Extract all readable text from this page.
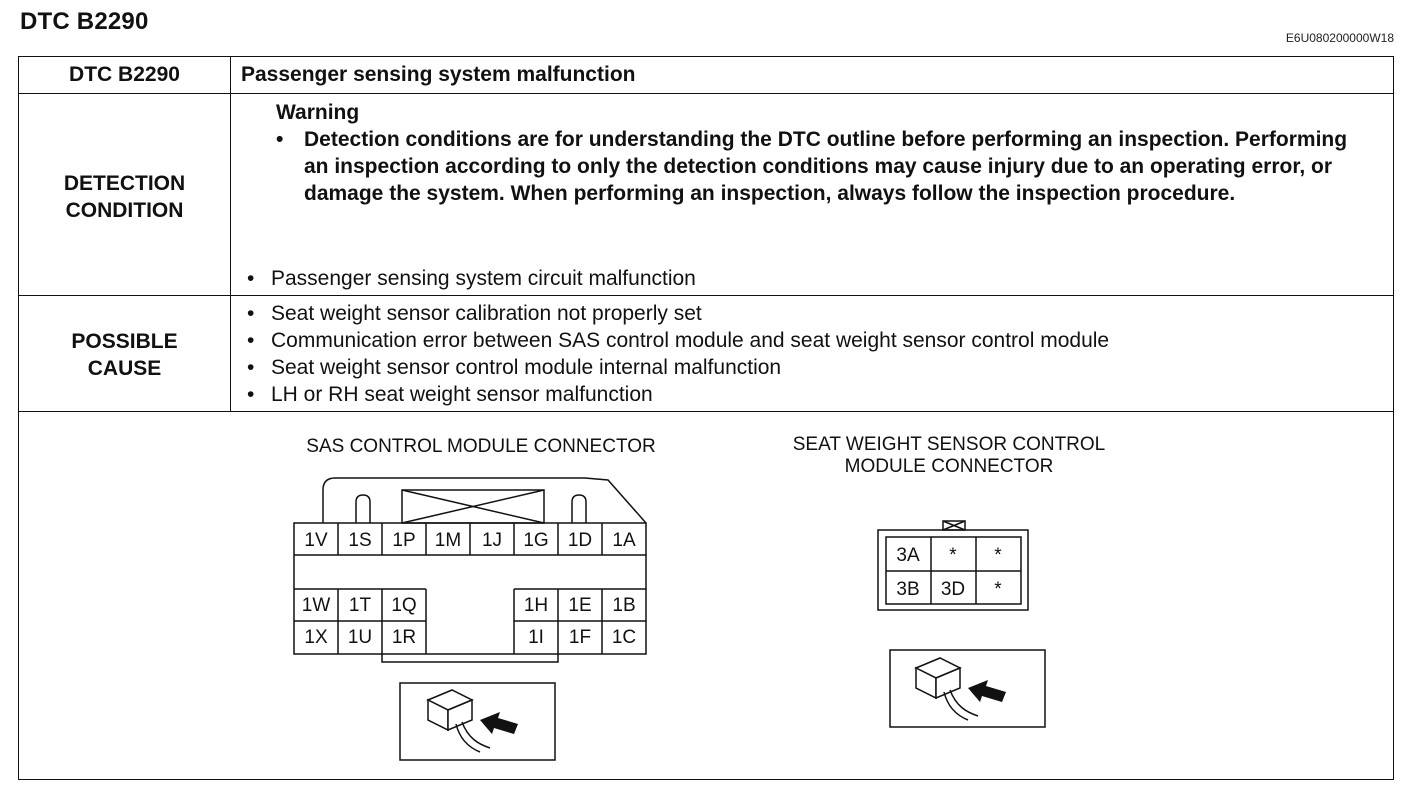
DTC B2290
E6U080200000W18
DTC B2290	Passenger sensing system malfunction
DETECTION
CONDITION
Warning
• Detection conditions are for understanding the DTC outline before performing an inspection. Performing an inspection according to only the detection conditions may cause injury due to an operating error, or damage the system. When performing an inspection, always follow the inspection procedure.
• Passenger sensing system circuit malfunction
POSSIBLE
CAUSE
• Seat weight sensor calibration not properly set
• Communication error between SAS control module and seat weight sensor control module
• Seat weight sensor control module internal malfunction
• LH or RH seat weight sensor malfunction
SAS CONTROL MODULE CONNECTOR	SEAT WEIGHT SENSOR CONTROL
MODULE CONNECTOR
1V 1S 1P 1M 1J 1G 1D 1A
1W 1T 1Q
1X 1U 1R
1H 1E 1B
1I 1F 1C
3A * *
3B 3D *
